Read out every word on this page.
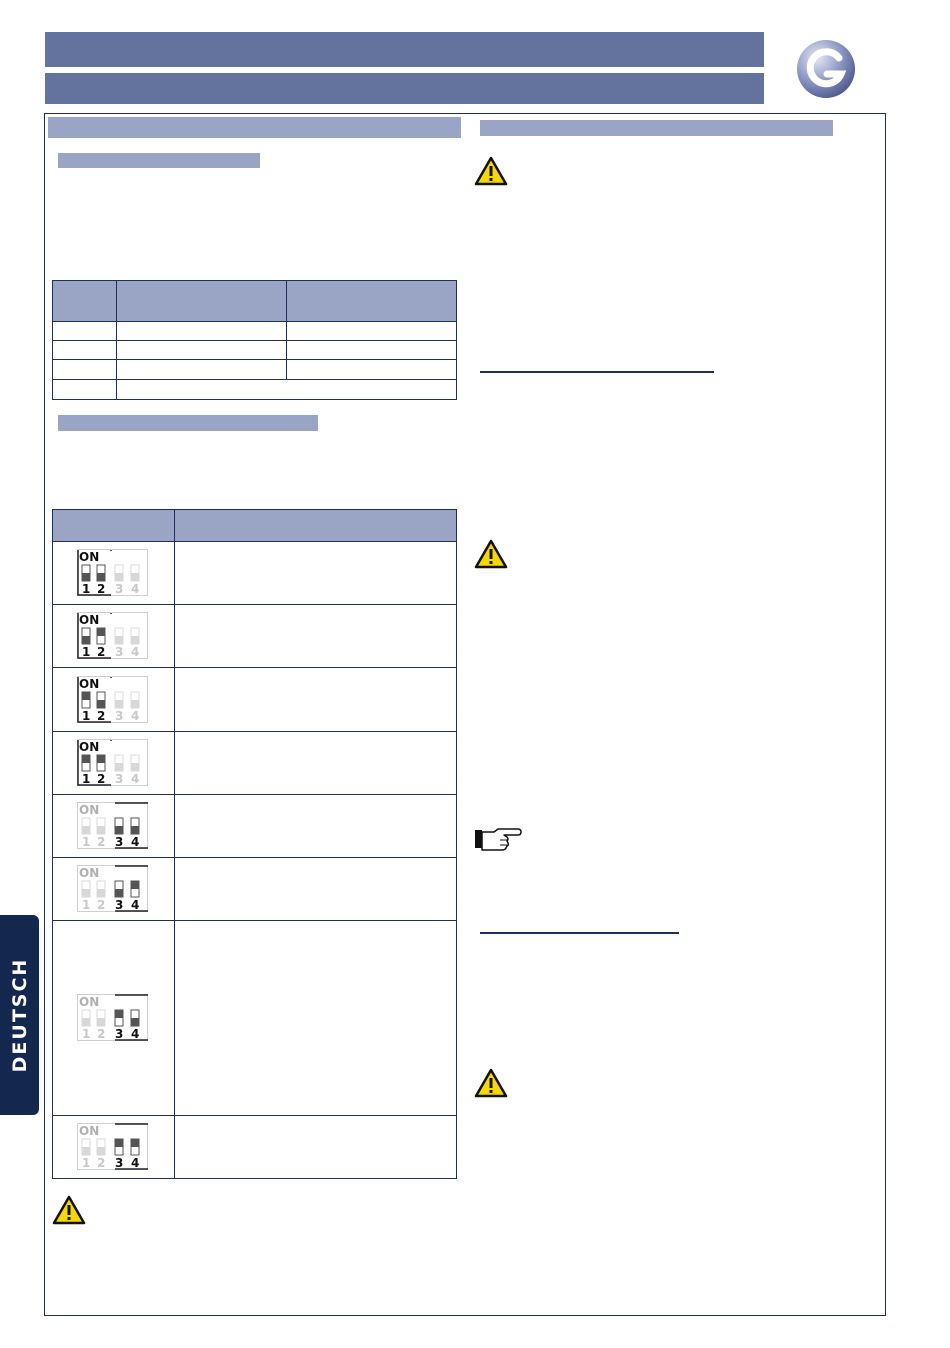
ON
1 2 3 4
ON
1 2 3 4
ON
1 2 3 4
ON
1 2 3 4
ON
1 2 3 4
ON
1 2 3 4
ON
1 2 3 4
ON
1 2 3 4
DEUTSCH
